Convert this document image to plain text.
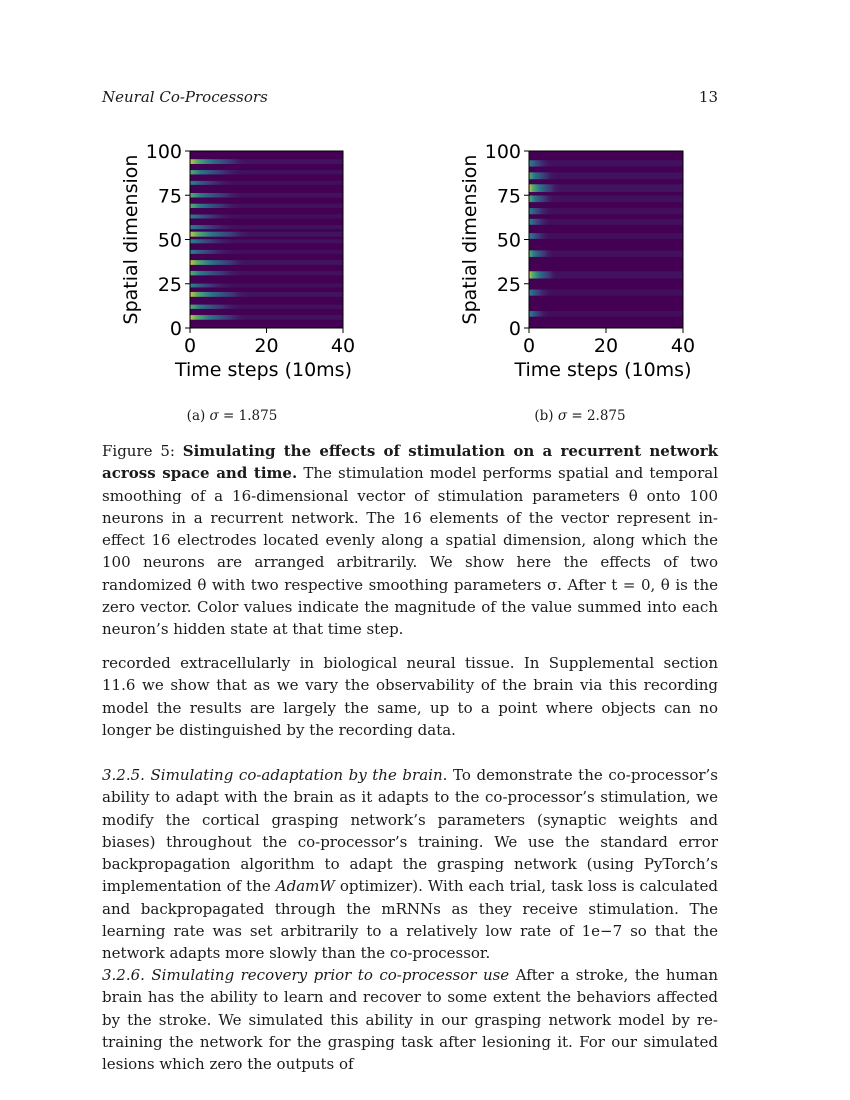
Neural Co-Processors	13
0
25
50
75
100
0	20	40
Time steps (10ms)
Spatial dimension
0
25
50
75
100
0	20	40
Time steps (10ms)
Spatial dimension
(a) σ = 1.875	(b) σ = 2.875

Figure 5: Simulating the effects of stimulation on a recurrent network across space and time. The stimulation model performs spatial and temporal smoothing of a 16-dimensional vector of stimulation parameters θ onto 100 neurons in a recurrent network. The 16 elements of the vector represent in-effect 16 electrodes located evenly along a spatial dimension, along which the 100 neurons are arranged arbitrarily. We show here the effects of two randomized θ with two respective smoothing parameters σ. After t = 0, θ is the zero vector. Color values indicate the magnitude of the value summed into each neuron’s hidden state at that time step.

recorded extracellularly in biological neural tissue. In Supplemental section 11.6 we show that as we vary the observability of the brain via this recording model the results are largely the same, up to a point where objects can no longer be distinguished by the recording data.

3.2.5. Simulating co-adaptation by the brain. To demonstrate the co-processor’s ability to adapt with the brain as it adapts to the co-processor’s stimulation, we modify the cortical grasping network’s parameters (synaptic weights and biases) throughout the co-processor’s training. We use the standard error backpropagation algorithm to adapt the grasping network (using PyTorch’s implementation of the AdamW optimizer). With each trial, task loss is calculated and backpropagated through the mRNNs as they receive stimulation. The learning rate was set arbitrarily to a relatively low rate of 1e−7 so that the network adapts more slowly than the co-processor.

3.2.6. Simulating recovery prior to co-processor use After a stroke, the human brain has the ability to learn and recover to some extent the behaviors affected by the stroke. We simulated this ability in our grasping network model by re-training the network for the grasping task after lesioning it. For our simulated lesions which zero the outputs of
